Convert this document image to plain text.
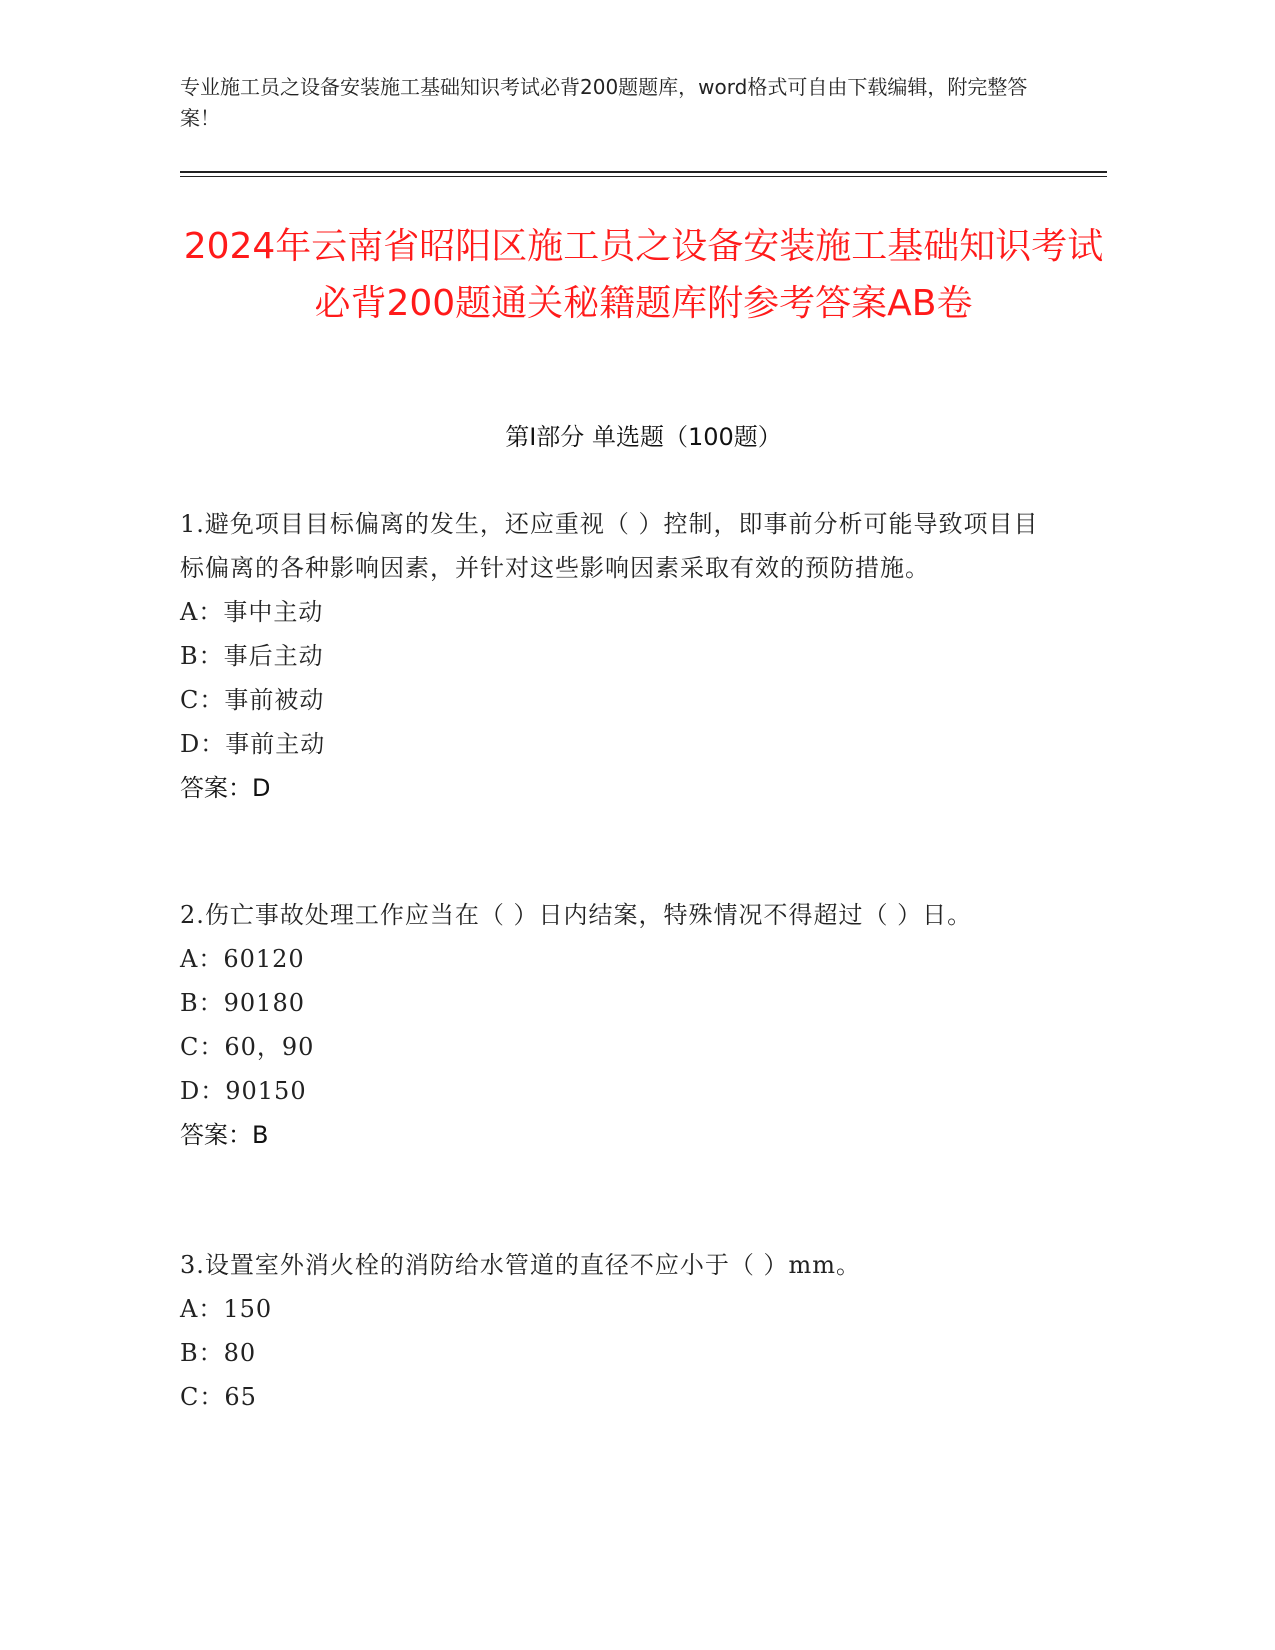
专业施工员之设备安装施工基础知识考试必背200题题库，word格式可自由下载编辑，附完整答案！
2024年云南省昭阳区施工员之设备安装施工基础知识考试必背200题通关秘籍题库附参考答案AB卷
第I部分 单选题（100题）
1.避免项目目标偏离的发生，还应重视（ ）控制，即事前分析可能导致项目目标偏离的各种影响因素，并针对这些影响因素采取有效的预防措施。
A：事中主动
B：事后主动
C：事前被动
D：事前主动
答案：D
2.伤亡事故处理工作应当在（ ）日内结案，特殊情况不得超过（ ）日。
A：60120
B：90180
C：60，90
D：90150
答案：B
3.设置室外消火栓的消防给水管道的直径不应小于（ ）mm。
A：150
B：80
C：65
